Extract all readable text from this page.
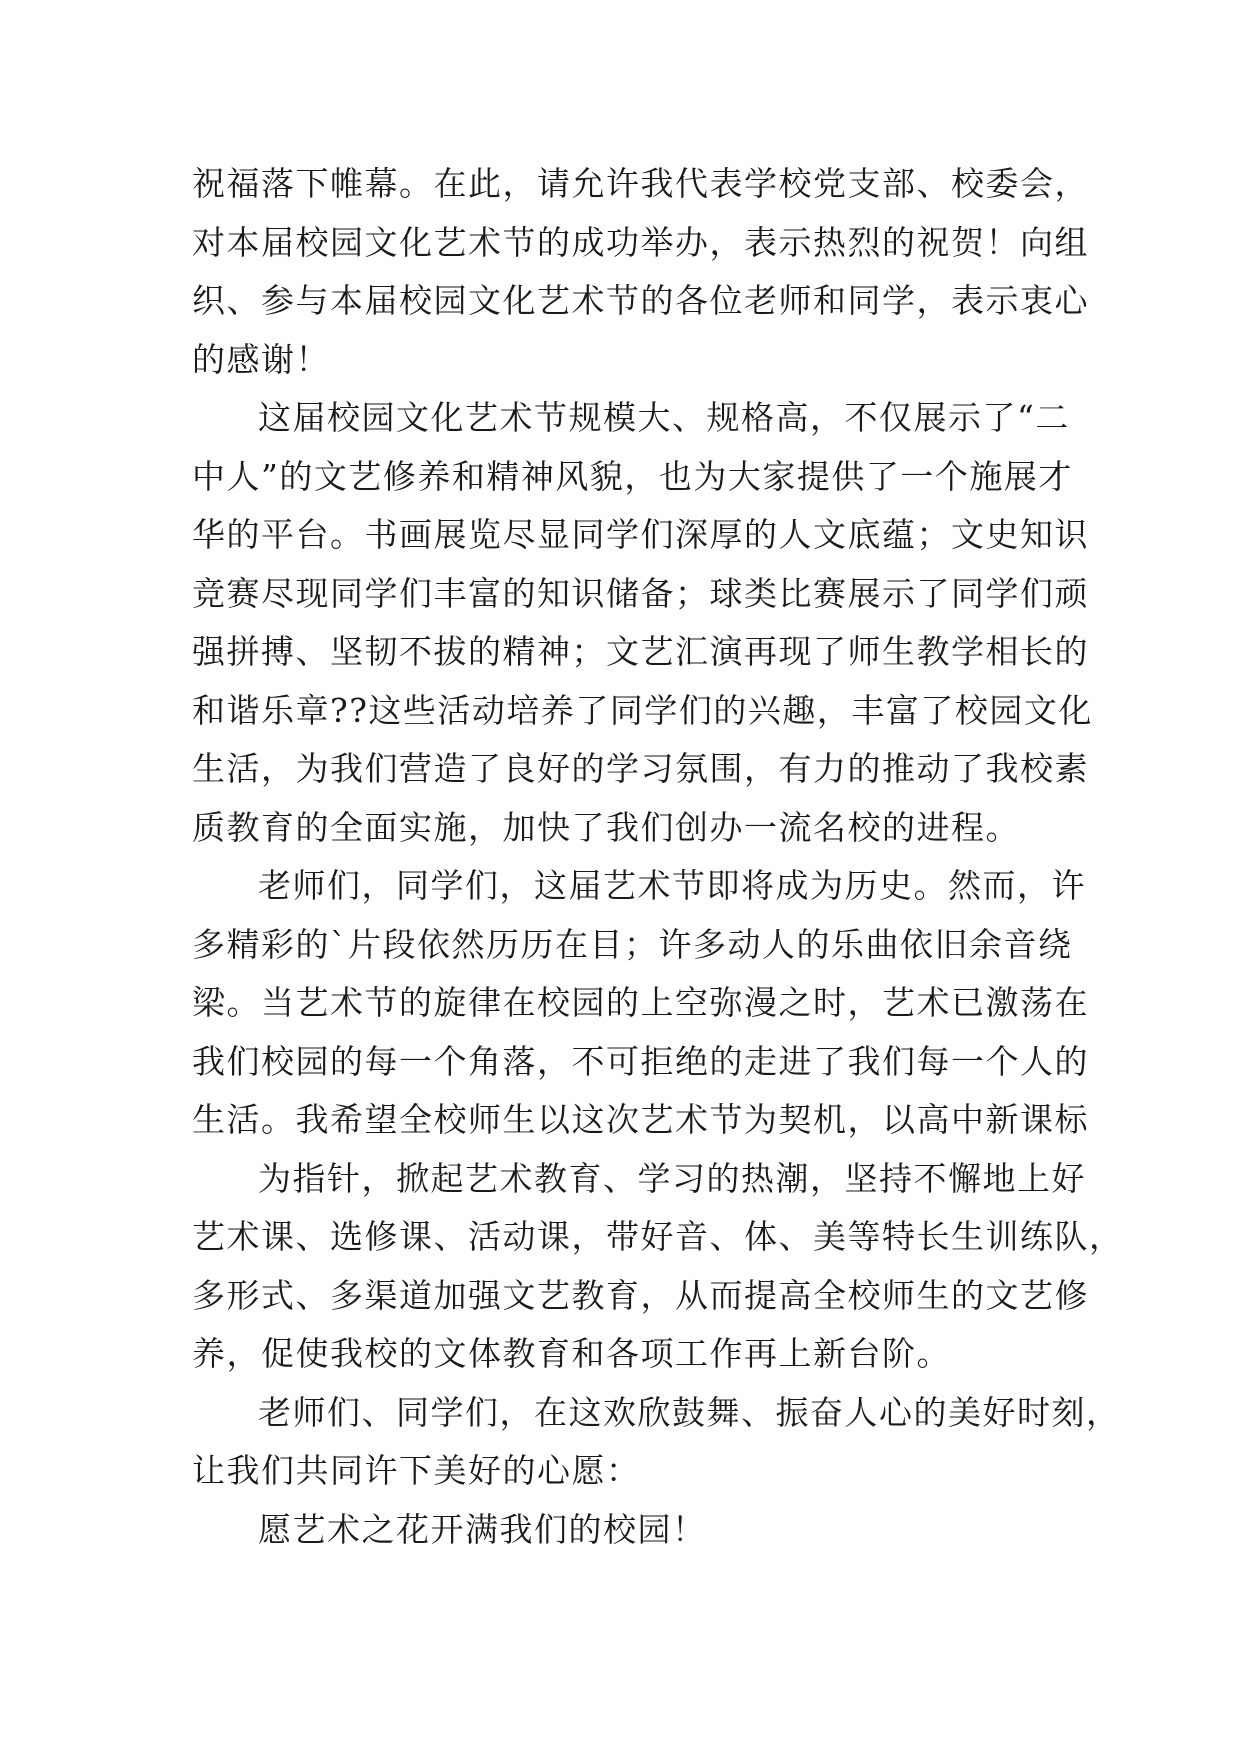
祝福落下帷幕。在此，请允许我代表学校党支部、校委会，
对本届校园文化艺术节的成功举办，表示热烈的祝贺！向组
织、参与本届校园文化艺术节的各位老师和同学，表示衷心
的感谢！
这届校园文化艺术节规模大、规格高，不仅展示了“二
中人”的文艺修养和精神风貌，也为大家提供了一个施展才
华的平台。书画展览尽显同学们深厚的人文底蕴；文史知识
竞赛尽现同学们丰富的知识储备；球类比赛展示了同学们顽
强拼搏、坚韧不拔的精神；文艺汇演再现了师生教学相长的
和谐乐章??这些活动培养了同学们的兴趣，丰富了校园文化
生活，为我们营造了良好的学习氛围，有力的推动了我校素
质教育的全面实施，加快了我们创办一流名校的进程。
老师们，同学们，这届艺术节即将成为历史。然而，许
多精彩的`片段依然历历在目；许多动人的乐曲依旧余音绕
梁。当艺术节的旋律在校园的上空弥漫之时，艺术已激荡在
我们校园的每一个角落，不可拒绝的走进了我们每一个人的
生活。我希望全校师生以这次艺术节为契机，以高中新课标
为指针，掀起艺术教育、学习的热潮，坚持不懈地上好
艺术课、选修课、活动课，带好音、体、美等特长生训练队，
多形式、多渠道加强文艺教育，从而提高全校师生的文艺修
养，促使我校的文体教育和各项工作再上新台阶。
老师们、同学们，在这欢欣鼓舞、振奋人心的美好时刻，
让我们共同许下美好的心愿：
愿艺术之花开满我们的校园！
